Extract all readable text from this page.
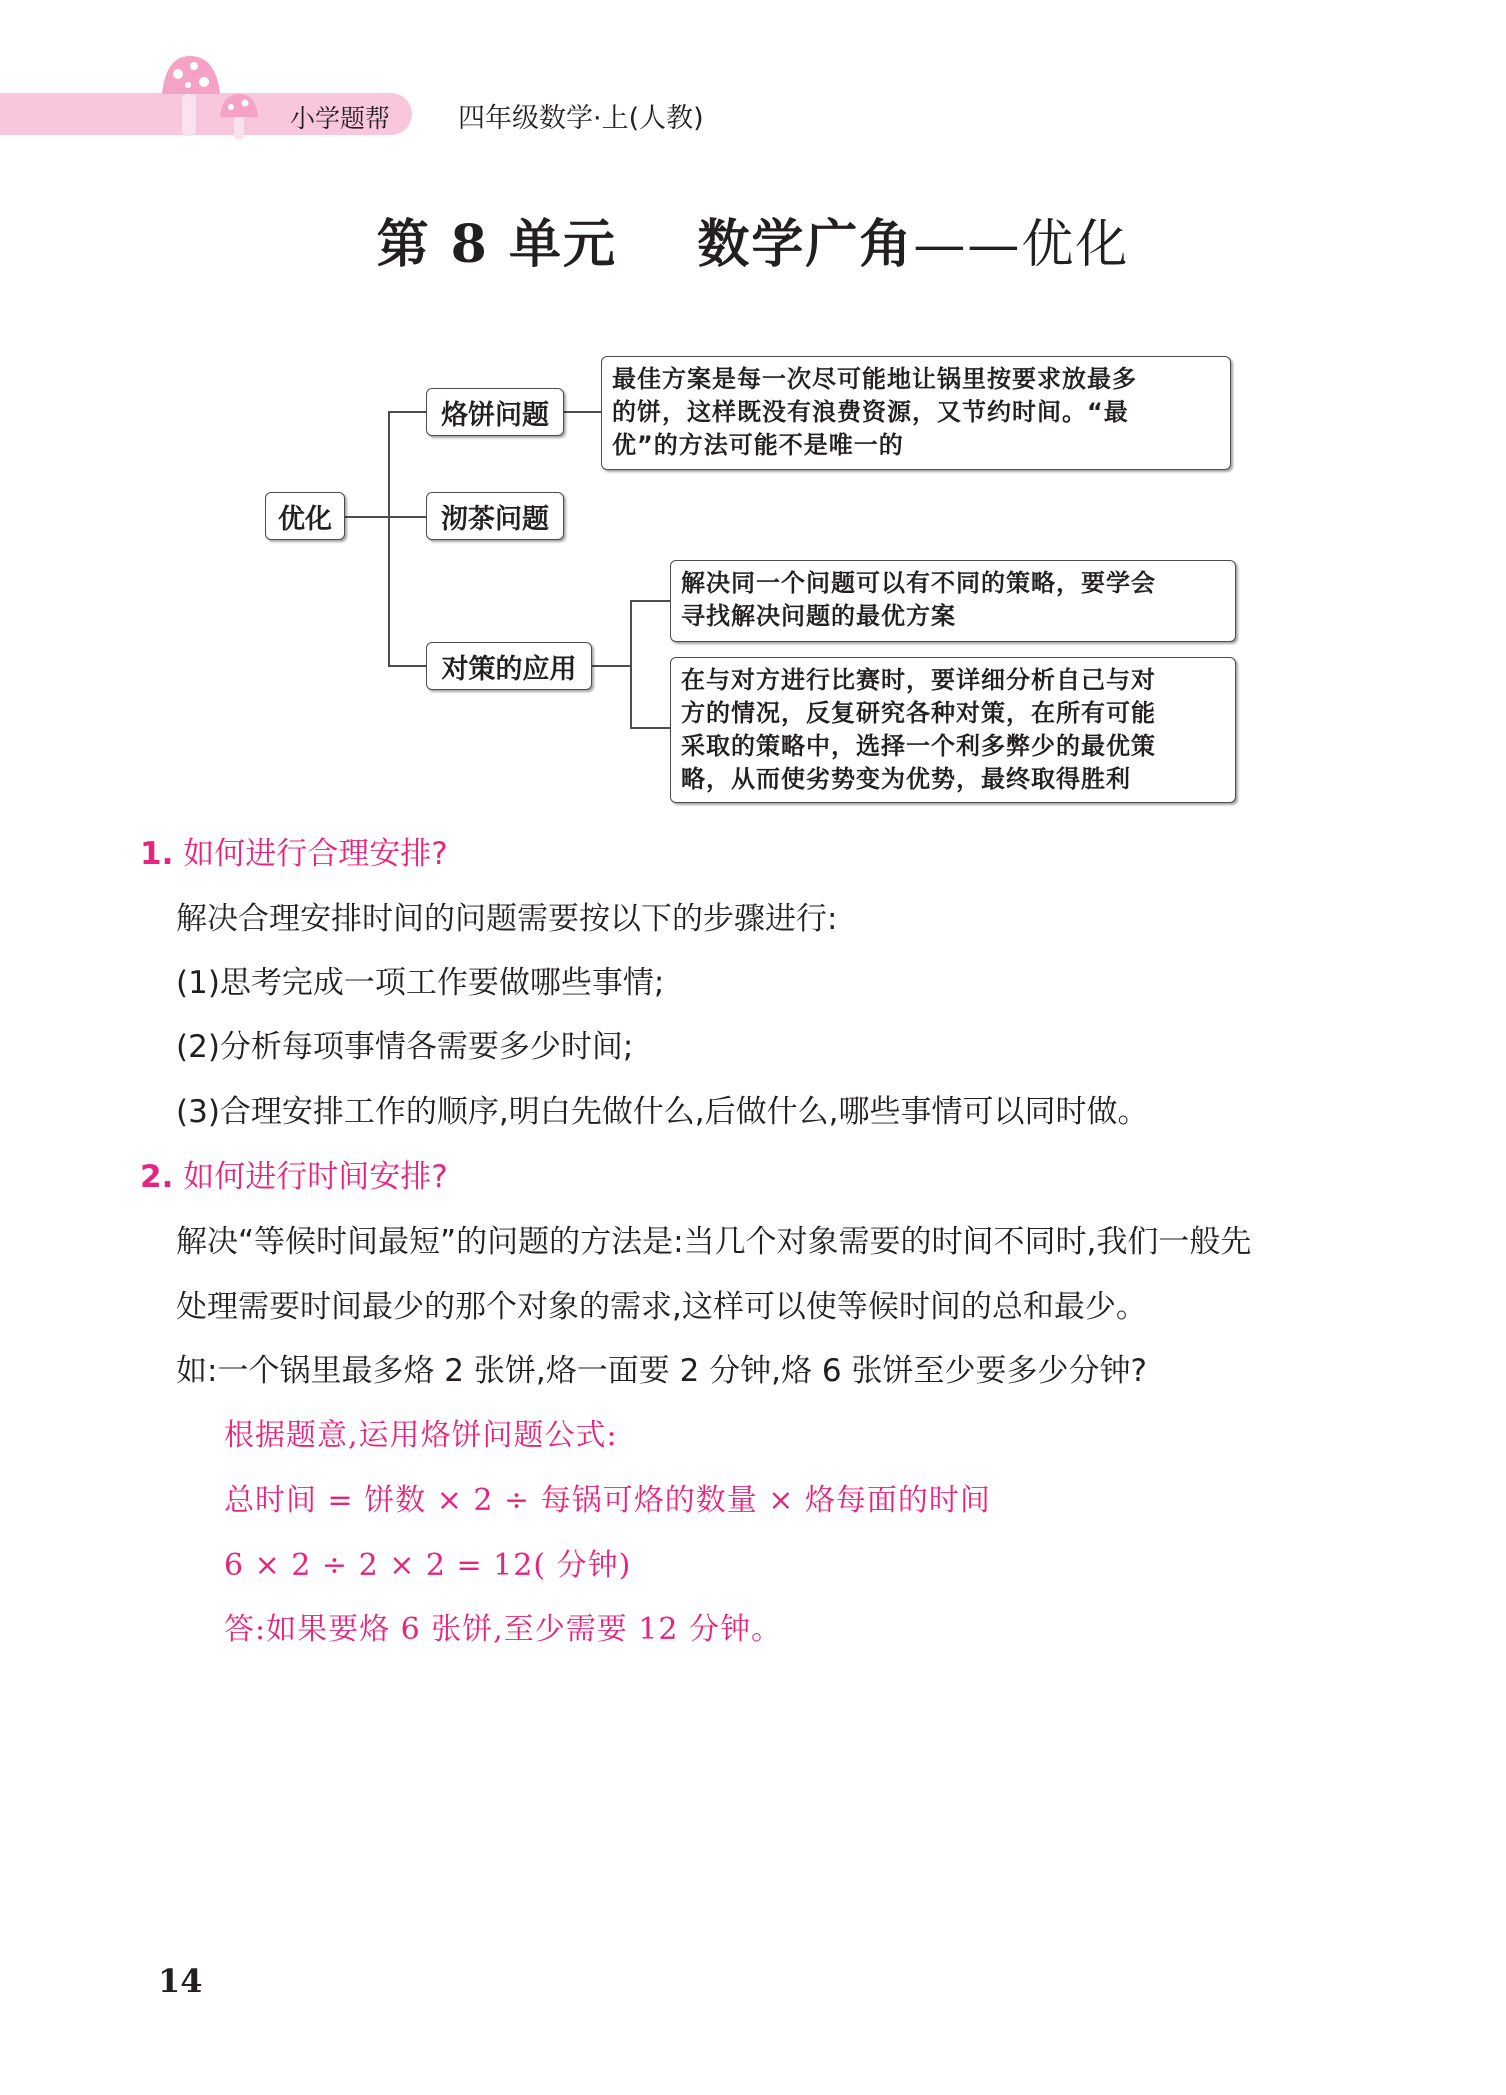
小学题帮	四年级数学·上(人教)
第 8 单元 数学广角——优化
优化
烙饼问题
沏茶问题
对策的应用
最佳方案是每一次尽可能地让锅里按要求放最多
的饼，这样既没有浪费资源，又节约时间。“最
优”的方法可能不是唯一的
解决同一个问题可以有不同的策略，要学会
寻找解决问题的最优方案
在与对方进行比赛时，要详细分析自己与对
方的情况，反复研究各种对策，在所有可能
采取的策略中，选择一个利多弊少的最优策
略，从而使劣势变为优势，最终取得胜利
1. 如何进行合理安排?
解决合理安排时间的问题需要按以下的步骤进行:
(1)思考完成一项工作要做哪些事情;
(2)分析每项事情各需要多少时间;
(3)合理安排工作的顺序,明白先做什么,后做什么,哪些事情可以同时做。
2. 如何进行时间安排?
解决“等候时间最短”的问题的方法是:当几个对象需要的时间不同时,我们一般先
处理需要时间最少的那个对象的需求,这样可以使等候时间的总和最少。
如:一个锅里最多烙 2 张饼,烙一面要 2 分钟,烙 6 张饼至少要多少分钟?
根据题意,运用烙饼问题公式:
总时间 = 饼数 × 2 ÷ 每锅可烙的数量 × 烙每面的时间
6 × 2 ÷ 2 × 2 = 12( 分钟)
答:如果要烙 6 张饼,至少需要 12 分钟。
14
